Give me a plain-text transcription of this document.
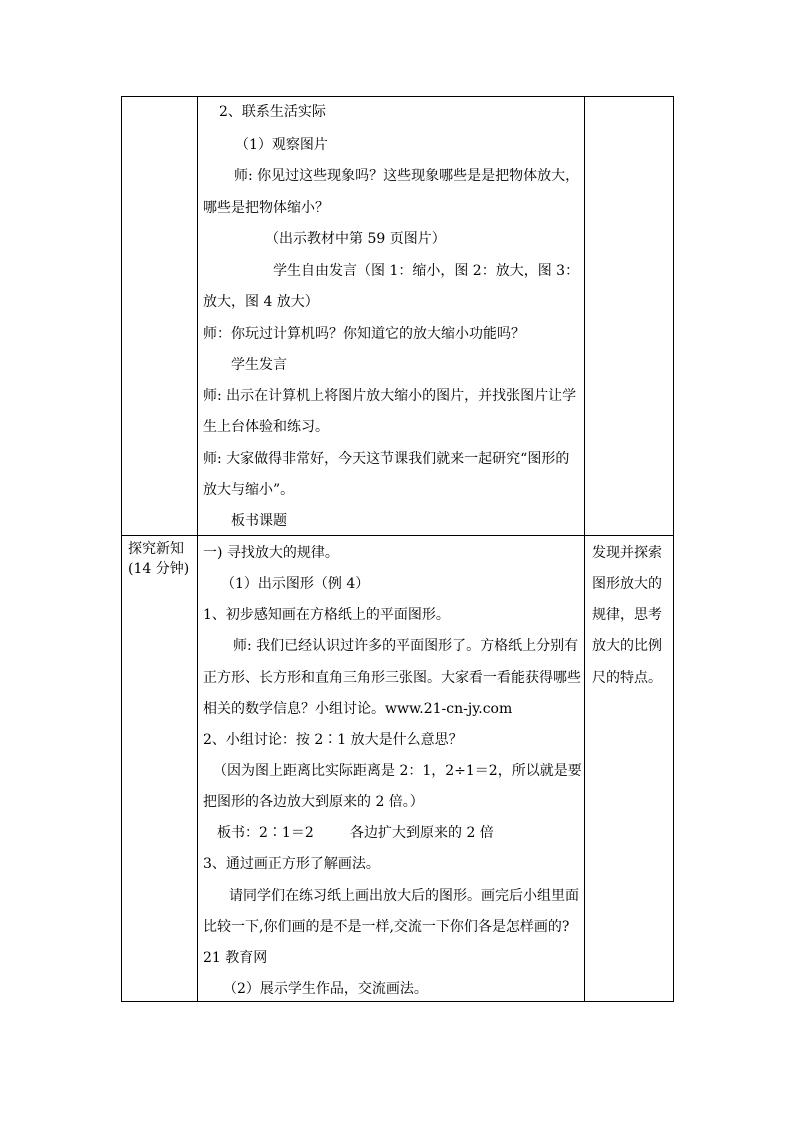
2、联系生活实际
（1）观察图片
师: 你见过这些现象吗？这些现象哪些是是把物体放大，
哪些是把物体缩小？
（出示教材中第 59 页图片）
学生自由发言（图 1：缩小，图 2：放大，图 3：
放大，图 4 放大）
师：你玩过计算机吗？你知道它的放大缩小功能吗？
学生发言
师: 出示在计算机上将图片放大缩小的图片，并找张图片让学
生上台体验和练习。
师: 大家做得非常好，今天这节课我们就来一起研究“图形的
放大与缩小”。
板书课题
探究新知
(14 分钟)
一) 寻找放大的规律。
（1）出示图形（例 4）
1、初步感知画在方格纸上的平面图形。
师: 我们已经认识过许多的平面图形了。方格纸上分别有
正方形、长方形和直角三角形三张图。大家看一看能获得哪些
相关的数学信息？小组讨论。www.21-cn-jy.com
2、小组讨论：按 2∶1 放大是什么意思？
（因为图上距离比实际距离是 2：1，2÷1＝2，所以就是要
把图形的各边放大到原来的 2 倍。）
板书：2∶1＝2	各边扩大到原来的 2 倍
3、通过画正方形了解画法。
请同学们在练习纸上画出放大后的图形。画完后小组里面
比较一下,你们画的是不是一样,交流一下你们各是怎样画的?
21 教育网
（2）展示学生作品，交流画法。
发现并探索
图形放大的
规律，思考
放大的比例
尺的特点。
